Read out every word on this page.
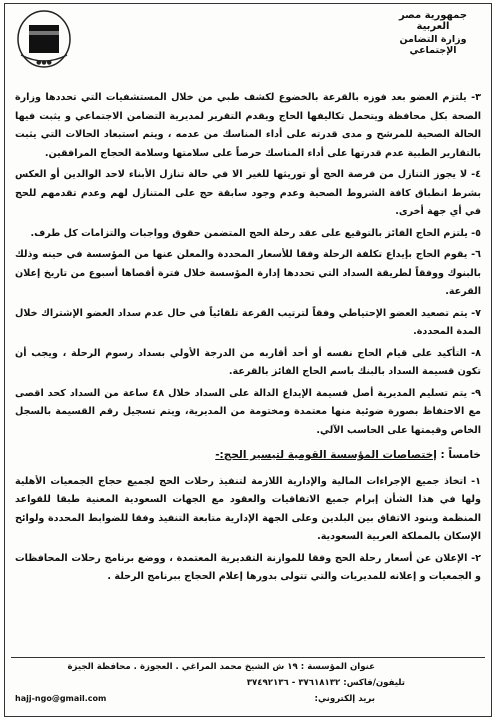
جمهورية مصر العربية
وزارة التضامن الإجتماعي
●●●

٣- يلتزم العضو بعد فوزه بالقرعة بالخضوع لكشف طبي من خلال المستشفيات التي تحددها وزارة الصحة بكل محافظة ويتحمل تكاليفها الحاج ويقدم التقرير لمديرية التضامن الاجتماعي و يثبت فيها الحالة الصحية للمرشح و مدى قدرته على أداء المناسك من عدمه ، ويتم استبعاد الحالات التي يثبت بالتقارير الطبية عدم قدرتها على أداء المناسك حرصاً على سلامتها وسلامة الحجاج المرافقين.

٤- لا يجوز التنازل من فرصة الحج أو توريثها للغير الا في حالة تنازل الأبناء لاحد الوالدين أو العكس بشرط انطباق كافة الشروط الصحية وعدم وجود سابقة حج على المتنازل لهم وعدم تقدمهم للحج في أي جهة أخرى.

٥- يلتزم الحاج الفائز بالتوقيع على عقد رحلة الحج المتضمن حقوق وواجبات والتزامات كل طرف.

٦- يقوم الحاج بإيداع تكلفة الرحلة وفقا للأسعار المحددة والمعلن عنها من المؤسسة في حينه وذلك بالبنوك ووفقاً لطريقة السداد التي تحددها إدارة المؤسسة خلال فترة أقصاها أسبوع من تاريخ إعلان القرعة.

٧- يتم تصعيد العضو الإحتياطي وفقاً لترتيب القرعة تلقائياً في حال عدم سداد العضو الإشتراك خلال المدة المحددة.

٨- التأكيد على قيام الحاج نفسه أو أحد أقاربه من الدرجة الأولي بسداد رسوم الرحلة ، ويجب أن تكون قسيمة السداد بالبنك باسم الحاج الفائز بالقرعة.

٩- يتم تسليم المديرية أصل قسيمة الإيداع الدالة على السداد خلال ٤٨ ساعة من السداد كحد اقصى مع الاحتفاظ بصورة ضوئية منها معتمدة ومختومة من المديرية، ويتم تسجيل رقم القسيمة بالسجل الخاص وقيمتها على الحاسب الآلي.

خامساً : إختصاصات المؤسسة القومية لتيسير الحج:-

١- اتخاذ جميع الإجراءات المالية والإدارية اللازمة لتنفيذ رحلات الحج لجميع حجاج الجمعيات الأهلية ولها في هذا الشأن إبرام جميع الاتفاقيات والعقود مع الجهات السعودية المعنية طبقا للقواعد المنظمة وبنود الاتفاق بين البلدين وعلى الجهة الإدارية متابعة التنفيذ وفقا للضوابط المحددة ولوائح الإسكان بالمملكة العربية السعودية.

٢- الإعلان عن أسعار رحلة الحج وفقا للموازنة التقديرية المعتمدة ، ووضع برنامج رحلات المحافظات و الجمعيات و إعلانه للمديريات والتي تتولى بدورها إعلام الحجاج ببرنامج الرحلة .

عنوان المؤسسة : ١٩ ش الشيخ محمد المراغي . العجوزة . محافظة الجيزة
تليفون/فاكس: ٣٧٦١٨١٣٢ - ٣٧٤٩٢١٣٦
بريد إلكتروني:
hajj-ngo@gmail.com
